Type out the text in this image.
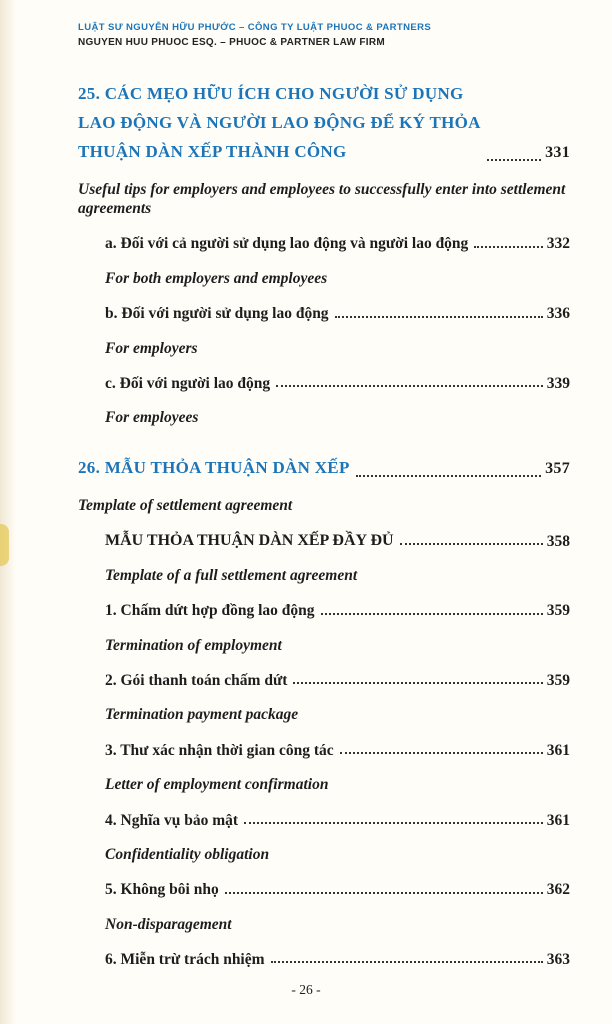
LUẬT SƯ NGUYỄN HỮU PHƯỚC – CÔNG TY LUẬT PHUOC & PARTNERS
NGUYEN HUU PHUOC ESQ. – PHUOC & PARTNER LAW FIRM
25. CÁC MẸO HỮU ÍCH CHO NGƯỜI SỬ DỤNG LAO ĐỘNG VÀ NGƯỜI LAO ĐỘNG ĐỂ KÝ THỎA THUẬN DÀN XẾP THÀNH CÔNG	331
Useful tips for employers and employees to successfully enter into settlement agreements
a. Đối với cả người sử dụng lao động và người lao động	332
For both employers and employees
b. Đối với người sử dụng lao động	336
For employers
c. Đối với người lao động	339
For employees
26. MẪU THỎA THUẬN DÀN XẾP	357
Template of settlement agreement
MẪU THỎA THUẬN DÀN XẾP ĐẦY ĐỦ	358
Template of a full settlement agreement
1. Chấm dứt hợp đồng lao động	359
Termination of employment
2. Gói thanh toán chấm dứt	359
Termination payment package
3. Thư xác nhận thời gian công tác	361
Letter of employment confirmation
4. Nghĩa vụ bảo mật	361
Confidentiality obligation
5. Không bôi nhọ	362
Non-disparagement
6. Miễn trừ trách nhiệm	363
- 26 -
